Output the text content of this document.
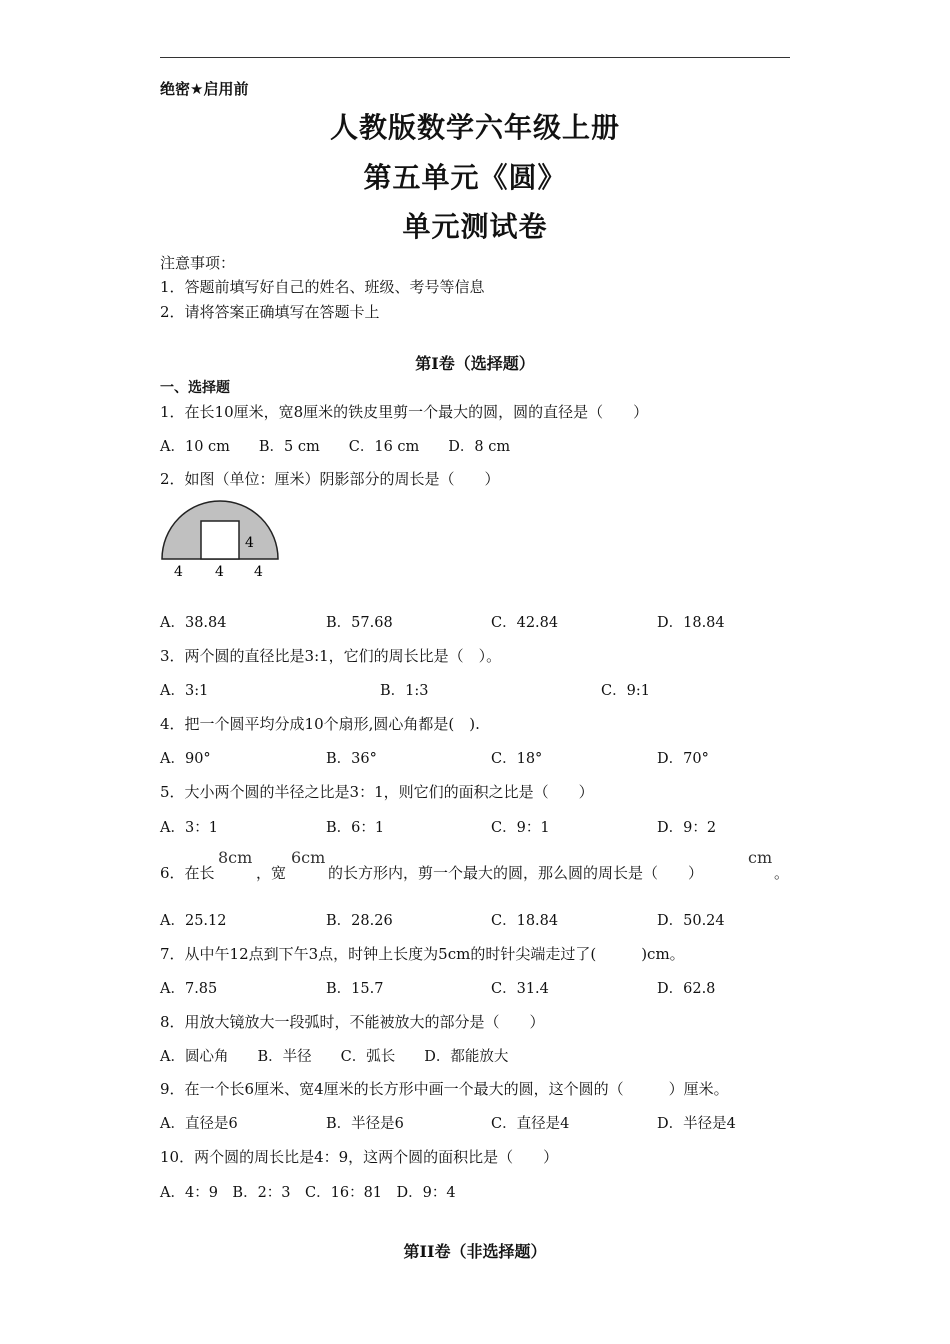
绝密★启用前
人教版数学六年级上册
第五单元《圆》
单元测试卷
注意事项：
1．答题前填写好自己的姓名、班级、考号等信息
2．请将答案正确填写在答题卡上
第I卷（选择题）
一、选择题
1．在长10厘米，宽8厘米的铁皮里剪一个最大的圆，圆的直径是（　　）
A．10 cm　　B．5 cm　　C．16 cm　　D．8 cm
2．如图（单位：厘米）阴影部分的周长是（　　）
4
4 4 4
A．38.84	B．57.68	C．42.84	D．18.84
3．两个圆的直径比是3:1，它们的周长比是（　）。
A．3:1	B．1:3	C．9:1
4．把一个圆平均分成10个扇形,圆心角都是(　).
A．90°	B．36°	C．18°	D．70°
5．大小两个圆的半径之比是3：1，则它们的面积之比是（　　）
A．3：1	B．6：1	C．9：1	D．9：2
6．在长
8cm
，宽
6cm
的长方形内，剪一个最大的圆，那么圆的周长是（　　）
cm
。
A．25.12	B．28.26	C．18.84	D．50.24
7．从中午12点到下午3点，时钟上长度为5cm的时针尖端走过了(　　　)cm。
A．7.85	B．15.7	C．31.4	D．62.8
8．用放大镜放大一段弧时，不能被放大的部分是（　　）
A．圆心角　　B．半径　　C．弧长　　D．都能放大
9．在一个长6厘米、宽4厘米的长方形中画一个最大的圆，这个圆的（　　　）厘米。
A．直径是6	B．半径是6	C．直径是4	D．半径是4
10．两个圆的周长比是4：9，这两个圆的面积比是（　　）
A．4：9　B．2：3　C．16：81　D．9：4
第II卷（非选择题）
